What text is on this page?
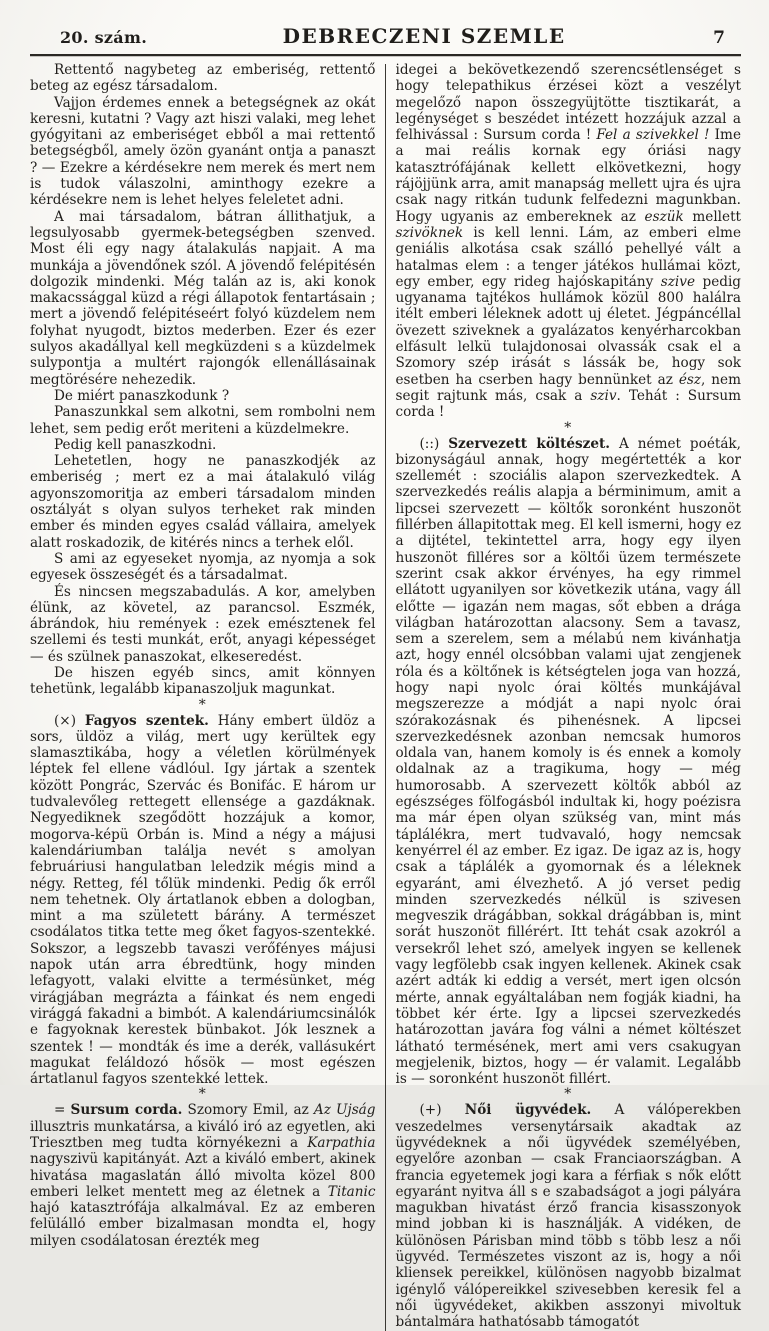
20. szám.	DEBRECZENI SZEMLE	7

Rettentő nagybeteg az emberiség, rettentő beteg az egész társadalom.

Vajjon érdemes ennek a betegségnek az okát keresni, kutatni ? Vagy azt hiszi valaki, meg lehet gyógyitani az emberiséget ebből a mai rettentő betegségből, amely özön gyanánt ontja a panaszt ? — Ezekre a kérdésekre nem merek és mert nem is tudok válaszolni, aminthogy ezekre a kérdésekre nem is lehet helyes feleletet adni.

A mai társadalom, bátran állithatjuk, a legsulyosabb gyermek-betegségben szenved. Most éli egy nagy átalakulás napjait. A ma munkája a jövendőnek szól. A jövendő felépitésén dolgozik mindenki. Még talán az is, aki konok makacssággal küzd a régi állapotok fentartásain ; mert a jövendő felépitéseért folyó küzdelem nem folyhat nyugodt, biztos mederben. Ezer és ezer sulyos akadállyal kell megküzdeni s a küzdelmek sulypontja a multért rajongók ellenállásainak megtörésére nehezedik.

De miért panaszkodunk ?

Panaszunkkal sem alkotni, sem rombolni nem lehet, sem pedig erőt meriteni a küzdelmekre.

Pedig kell panaszkodni.

Lehetetlen, hogy ne panaszkodjék az emberiség ; mert ez a mai átalakuló világ agyonszomoritja az emberi társadalom minden osztályát s olyan sulyos terheket rak minden ember és minden egyes család vállaira, amelyek alatt roskadozik, de kitérés nincs a terhek elől.

S ami az egyeseket nyomja, az nyomja a sok egyesek összeségét és a társadalmat.

És nincsen megszabadulás. A kor, amelyben élünk, az követel, az parancsol. Eszmék, ábrándok, hiu remények : ezek emésztenek fel szellemi és testi munkát, erőt, anyagi képességet — és szülnek panaszokat, elkeseredést.

De hiszen egyéb sincs, amit könnyen tehetünk, legalább kipanaszoljuk magunkat.

*

(×) Fagyos szentek. Hány embert üldöz a sors, üldöz a világ, mert ugy kerültek egy slamasztikába, hogy a véletlen körülmények léptek fel ellene vádlóul. Igy jártak a szentek között Pongrác, Szervác és Bonifác. E három ur tudvalevőleg rettegett ellensége a gazdáknak. Negyediknek szegődött hozzájuk a komor, mogorva-képü Orbán is. Mind a négy a májusi kalendáriumban találja nevét s amolyan februáriusi hangulatban leledzik mégis mind a négy. Retteg, fél tőlük mindenki. Pedig ők erről nem tehetnek. Oly ártatlanok ebben a dologban, mint a ma született bárány. A természet csodálatos titka tette meg őket fagyos-szentekké. Sokszor, a legszebb tavaszi verőfényes májusi napok után arra ébredtünk, hogy minden lefagyott, valaki elvitte a termésünket, még virágjában megrázta a fáinkat és nem engedi virággá fakadni a bimbót. A kalendáriumcsinálók e fagyoknak kerestek bünbakot. Jók lesznek a szentek ! — mondták és ime a derék, vallásukért magukat feláldozó hősök — most egészen ártatlanul fagyos szentekké lettek.

*

= Sursum corda. Szomory Emil, az Az Ujság illusztris munkatársa, a kiváló iró az egyetlen, aki Triesztben meg tudta környékezni a Karpathia nagyszivü kapitányát. Azt a kiváló embert, akinek hivatása magaslatán álló mivolta közel 800 emberi lelket mentett meg az életnek a Titanic hajó katasztrófája alkalmával. Ez az emberen felülálló ember bizalmasan mondta el, hogy milyen csodálatosan érezték meg

idegei a bekövetkezendő szerencsétlenséget s hogy telepathikus érzései közt a veszélyt megelőző napon összegyüjtötte tisztikarát, a legénységet s beszédet intézett hozzájuk azzal a felhivással : Sursum corda ! Fel a szivekkel ! Ime a mai reális kornak egy óriási nagy katasztrófájának kellett elkövetkezni, hogy rájöjjünk arra, amit manapság mellett ujra és ujra csak nagy ritkán tudunk felfedezni magunkban. Hogy ugyanis az embereknek az eszük mellett szivöknek is kell lenni. Lám, az emberi elme geniális alkotása csak szálló pehellyé vált a hatalmas elem : a tenger játékos hullámai közt, egy ember, egy rideg hajóskapitány szive pedig ugyanama tajtékos hullámok közül 800 halálra itélt emberi léleknek adott uj életet. Jégpáncéllal övezett sziveknek a gyalázatos kenyérharcokban elfásult lelkü tulajdonosai olvassák csak el a Szomory szép irását s lássák be, hogy sok esetben ha cserben hagy bennünket az ész, nem segit rajtunk más, csak a sziv. Tehát : Sursum corda !

*

(::) Szervezett költészet. A német poéták, bizonyságául annak, hogy megértették a kor szellemét : szociális alapon szervezkedtek. A szervezkedés reális alapja a bérminimum, amit a lipcsei szervezett — költők soronként huszonöt fillérben állapitottak meg. El kell ismerni, hogy ez a dijtétel, tekintettel arra, hogy egy ilyen huszonöt filléres sor a költői üzem természete szerint csak akkor érvényes, ha egy rimmel ellátott ugyanilyen sor következik utána, vagy áll előtte — igazán nem magas, sőt ebben a drága világban határozottan alacsony. Sem a tavasz, sem a szerelem, sem a mélabú nem kivánhatja azt, hogy ennél olcsóbban valami ujat zengjenek róla és a költőnek is kétségtelen joga van hozzá, hogy napi nyolc órai költés munkájával megszerezze a módját a napi nyolc órai szórakozásnak és pihenésnek. A lipcsei szervezkedésnek azonban nemcsak humoros oldala van, hanem komoly is és ennek a komoly oldalnak az a tragikuma, hogy — még humorosabb. A szervezett költők abból az egészséges fölfogásból indultak ki, hogy poézisra ma már épen olyan szükség van, mint más táplálékra, mert tudvavaló, hogy nemcsak kenyérrel él az ember. Ez igaz. De igaz az is, hogy csak a táplálék a gyomornak és a léleknek egyaránt, ami élvezhető. A jó verset pedig minden szervezkedés nélkül is szivesen megveszik drágábban, sokkal drágábban is, mint sorát huszonöt fillérért. Itt tehát csak azokról a versekről lehet szó, amelyek ingyen se kellenek vagy legfölebb csak ingyen kellenek. Akinek csak azért adták ki eddig a versét, mert igen olcsón mérte, annak egyáltalában nem fogják kiadni, ha többet kér érte. Igy a lipcsei szervezkedés határozottan javára fog válni a német költészet látható termésének, mert ami vers csakugyan megjelenik, biztos, hogy — ér valamit. Legalább is — soronként huszonöt fillért.

*

(+) Női ügyvédek. A válóperekben veszedelmes versenytársaik akadtak az ügyvédeknek a női ügyvédek személyében, egyelőre azonban — csak Franciaországban. A francia egyetemek jogi kara a férfiak s nők előtt egyaránt nyitva áll s e szabadságot a jogi pályára magukban hivatást érző francia kisasszonyok mind jobban ki is használják. A vidéken, de különösen Párisban mind több s több lesz a női ügyvéd. Természetes viszont az is, hogy a női kliensek pereikkel, különösen nagyobb bizalmat igénylő válópereikkel szivesebben keresik fel a női ügyvédeket, akikben asszonyi mivoltuk bántalmára hathatósabb támogatót
